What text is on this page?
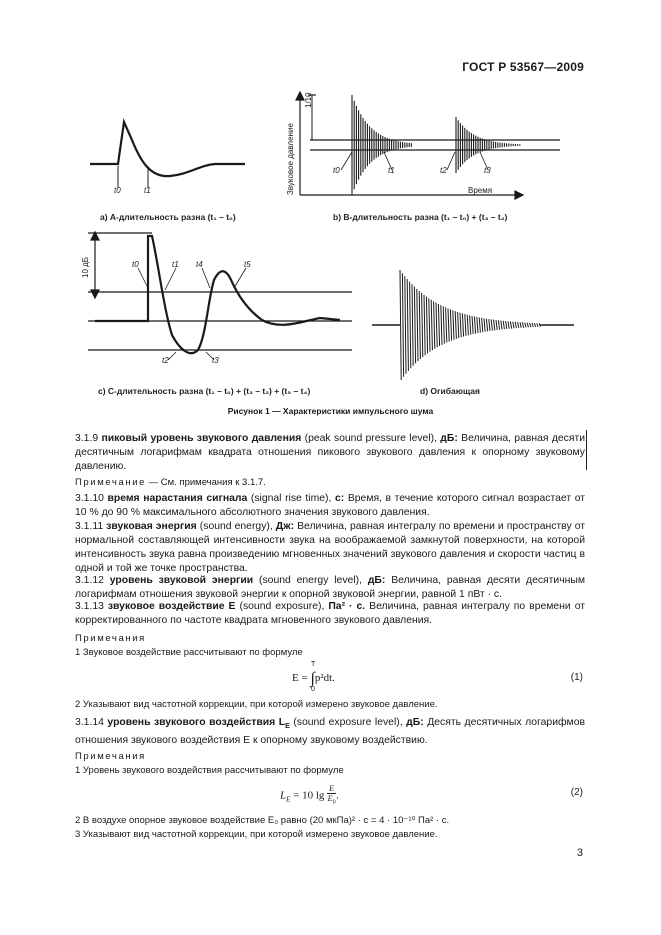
ГОСТ Р 53567—2009
t0	t1
1/10
Звуковое давление	t0	t1	t2	t3
Время
10 дБ	t0	t1 t4	t5
t2	t3
а) А-длительность разна (t₁ – t₀)	b) В-длительность разна (t₁ – t₀) + (t₃ – t₂)
с) С-длительность разна (t₁ – t₀) + (t₃ – t₂) + (t₅ – t₄)	d) Огибающая
Рисунок 1 — Характеристики импульсного шума
3.1.9 пиковый уровень звукового давления (peak sound pressure level), дБ: Величина, равная десяти десятичным логарифмам квадрата отношения пикового звукового давления к опорному звуковому давлению.
Примечание — См. примечания к 3.1.7.
3.1.10 время нарастания сигнала (signal rise time), с: Время, в течение которого сигнал возрастает от 10 % до 90 % максимального абсолютного значения звукового давления.
3.1.11 звуковая энергия (sound energy), Дж: Величина, равная интегралу по времени и пространству от нормальной составляющей интенсивности звука на воображаемой замкнутой поверхности, на которой интенсивность звука равна произведению мгновенных значений звукового давления и скорости частиц в одной и той же точке пространства.
3.1.12 уровень звуковой энергии (sound energy level), дБ: Величина, равная десяти десятичным логарифмам отношения звуковой энергии к опорной звуковой энергии, равной 1 пВт · с.
3.1.13 звуковое воздействие E (sound exposure), Па² · с. Величина, равная интегралу по времени от корректированного по частоте квадрата мгновенного звукового давления.
Примечания
1 Звуковое воздействие рассчитывают по формуле
E = ∫p²dt.
T
0
(1)
2 Указывают вид частотной коррекции, при которой измерено звуковое давление.
3.1.14 уровень звукового воздействия $L_E$ (sound exposure level), дБ: Десять десятичных логарифмов отношения звукового воздействия E к опорному звуковому воздействию.
Примечания
1 Уровень звукового воздействия рассчитывают по формуле
$L_E = 10$ $\lg \frac{E}{E_0}$ .	(2)
2 В воздухе опорное звуковое воздействие E₀ равно (20 мкПа)² · с = 4 · 10⁻¹⁰ Па² · с.
3 Указывают вид частотной коррекции, при которой измерено звуковое давление.
3
